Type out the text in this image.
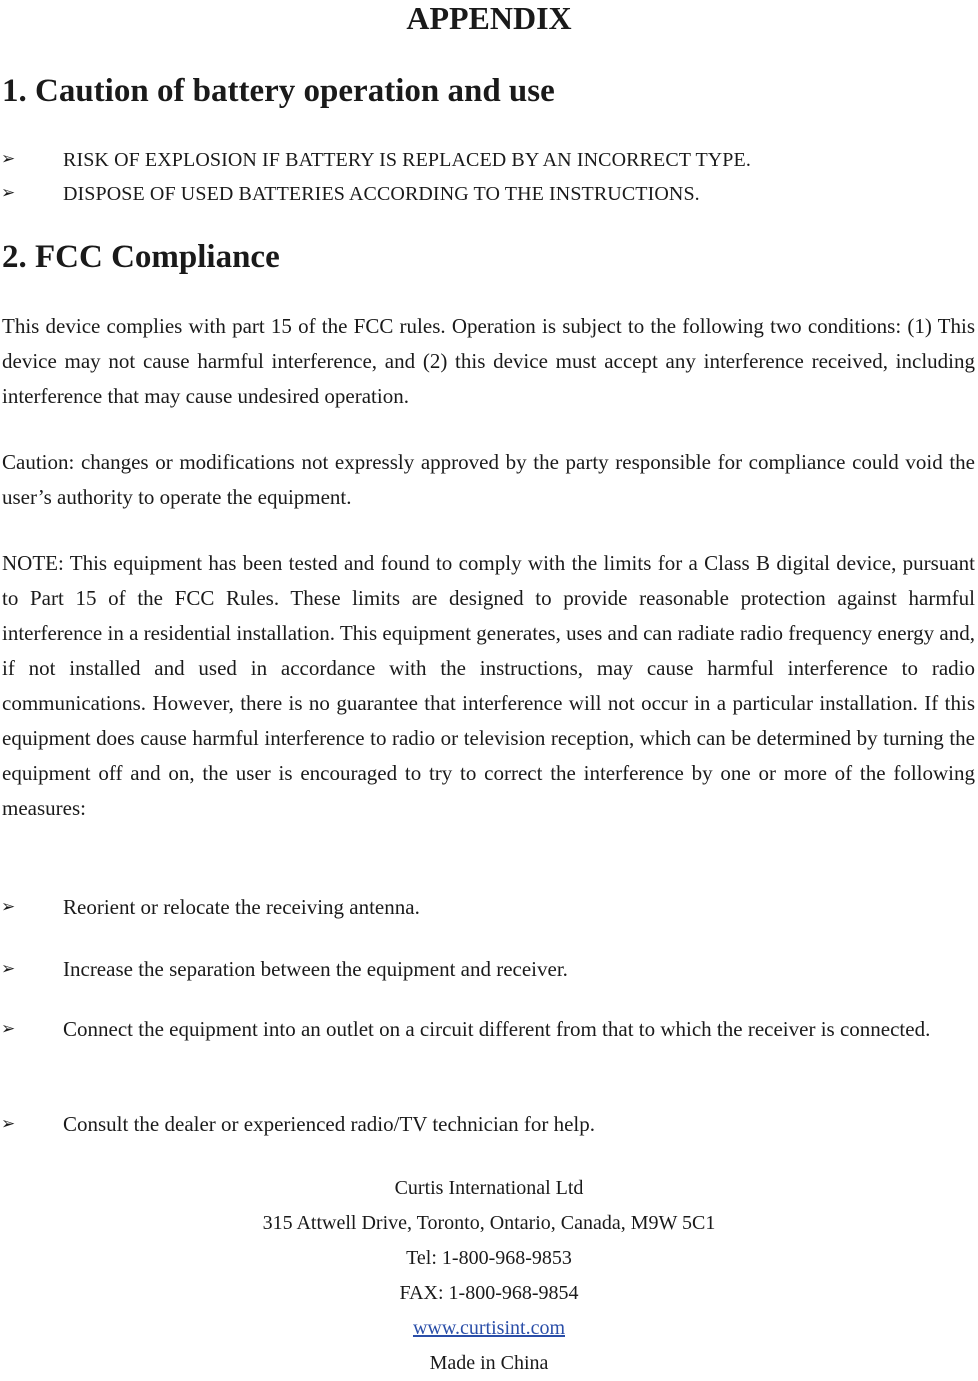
APPENDIX
1. Caution of battery operation and use
➢ RISK OF EXPLOSION IF BATTERY IS REPLACED BY AN INCORRECT TYPE.
➢ DISPOSE OF USED BATTERIES ACCORDING TO THE INSTRUCTIONS.
2. FCC Compliance

This device complies with part 15 of the FCC rules. Operation is subject to the following two conditions: (1) This device may not cause harmful interference, and (2) this device must accept any interference received, including interference that may cause undesired operation.

Caution: changes or modifications not expressly approved by the party responsible for compliance could void the user’s authority to operate the equipment.

NOTE: This equipment has been tested and found to comply with the limits for a Class B digital device, pursuant to Part 15 of the FCC Rules. These limits are designed to provide reasonable protection against harmful interference in a residential installation. This equipment generates, uses and can radiate radio frequency energy and, if not installed and used in accordance with the instructions, may cause harmful interference to radio communications. However, there is no guarantee that interference will not occur in a particular installation. If this equipment does cause harmful interference to radio or television reception, which can be determined by turning the equipment off and on, the user is encouraged to try to correct the interference by one or more of the following measures:

➢ Reorient or relocate the receiving antenna.
➢ Increase the separation between the equipment and receiver.
➢ Connect the equipment into an outlet on a circuit different from that to which the receiver is connected.
➢ Consult the dealer or experienced radio/TV technician for help.
Curtis International Ltd
315 Attwell Drive, Toronto, Ontario, Canada, M9W 5C1
Tel: 1-800-968-9853
FAX: 1-800-968-9854
www.curtisint.com
Made in China
